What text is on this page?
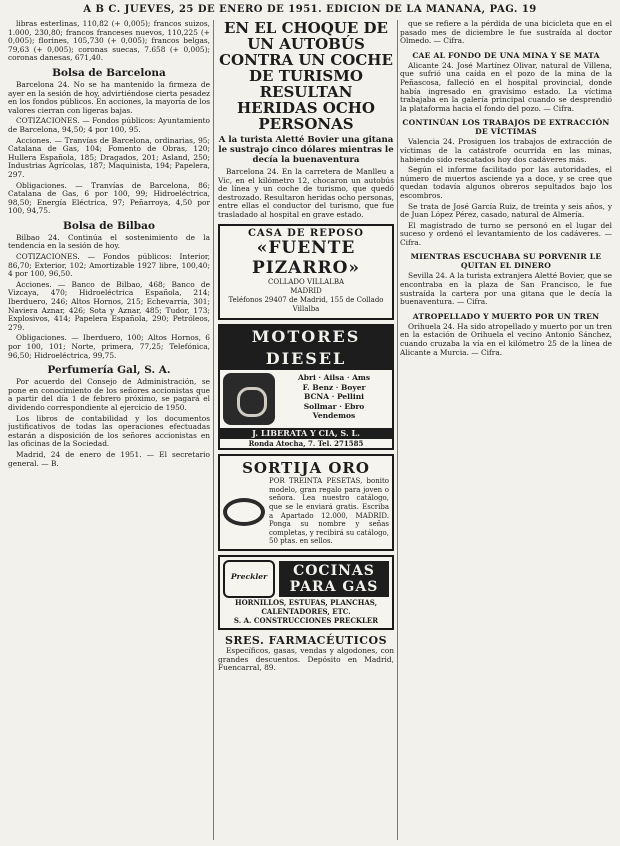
A B C. JUEVES, 25 DE ENERO DE 1951. EDICION DE LA MAÑANA, PAG. 19

libras esterlinas, 110,82 (+ 0,005); francos suizos, 1.000, 230,80; francos franceses nuevos, 110,225 (+ 0,005); florines, 105,730 (+ 0,005); francos belgas, 79,63 (+ 0,005); coronas suecas, 7.658 (+ 0,005); coronas danesas, 671,40.

Bolsa de Barcelona

Barcelona 24. No se ha mantenido la firmeza de ayer en la sesión de hoy, advirtiéndose cierta pesadez en los fondos públicos. En acciones, la mayoría de los valores cierran con ligeras bajas.

COTIZACIONES. — Fondos públicos: Ayuntamiento de Barcelona, 94,50; 4 por 100, 95.

Acciones. — Tranvías de Barcelona, ordinarias, 95; Catalana de Gas, 104; Fomento de Obras, 120; Hullera Española, 185; Dragados, 201; Asland, 250; Industrias Agrícolas, 187; Maquinista, 194; Papelera, 297.

Obligaciones. — Tranvías de Barcelona, 86; Catalana de Gas, 6 por 100, 99; Hidroeléctrica, 98,50; Energía Eléctrica, 97; Peñarroya, 4,50 por 100, 94,75.

Bolsa de Bilbao

Bilbao 24. Continúa el sostenimiento de la tendencia en la sesión de hoy.

COTIZACIONES. — Fondos públicos: Interior, 86,70; Exterior, 102; Amortizable 1927 libre, 100,40; 4 por 100, 96,50.

Acciones. — Banco de Bilbao, 468; Banco de Vizcaya, 470; Hidroeléctrica Española, 214; Iberduero, 246; Altos Hornos, 215; Echevarría, 301; Naviera Aznar, 426; Sota y Aznar, 485; Tudor, 173; Explosivos, 414; Papelera Española, 290; Petróleos, 279.

Obligaciones. — Iberduero, 100; Altos Hornos, 6 por 100, 101; Norte, primera, 77,25; Telefónica, 96,50; Hidroeléctrica, 99,75.

Perfumería Gal, S. A.

Por acuerdo del Consejo de Administración, se pone en conocimiento de los señores accionistas que a partir del día 1 de febrero próximo, se pagará el dividendo correspondiente al ejercicio de 1950.

Los libros de contabilidad y los documentos justificativos de todas las operaciones efectuadas estarán a disposición de los señores accionistas en las oficinas de la Sociedad.

Madrid, 24 de enero de 1951. — El secretario general. — B.

EN EL CHOQUE DE UN AUTOBÚS CONTRA UN COCHE DE TURISMO RESULTAN HERIDAS OCHO PERSONAS
A la turista Aletté Bovier una gitana le sustrajo cinco dólares mientras le decía la buenaventura

Barcelona 24. En la carretera de Manlleu a Vic, en el kilómetro 12, chocaron un autobús de línea y un coche de turismo, que quedó destrozado. Resultaron heridas ocho personas, entre ellas el conductor del turismo, que fue trasladado al hospital en grave estado.

CASA DE REPOSO
«FUENTE PIZARRO»
COLLADO VILLALBA
MADRID
Teléfonos 29407 de Madrid, 155 de Collado Villalba
MOTORES DIESEL
Abri · Ailsa · Ams
F. Benz · Boyer
BCNA · Pellini
Sollmar · Ebro
Vendemos
J. LIBERATA Y CIA, S. L.
Ronda Atocha, 7. Tel. 271585
SORTIJA ORO
POR TREINTA PESETAS, bonito modelo, gran regalo para joven o señora. Lea nuestro catálogo, que se le enviará gratis. Escriba a Apartado 12.000, MADRID. Ponga su nombre y señas completas, y recibirá su catálogo, 50 ptas. en sellos.
Preckler	COCINAS PARA GAS
HORNILLOS, ESTUFAS, PLANCHAS, CALENTADORES, ETC.
S. A. CONSTRUCCIONES PRECKLER
SRES. FARMACÉUTICOS

Específicos, gasas, vendas y algodones, con grandes descuentos. Depósito en Madrid, Fuencarral, 89.

que se refiere a la pérdida de una bicicleta que en el pasado mes de diciembre le fue sustraída al doctor Olmedo. — Cifra.

CAE AL FONDO DE UNA MINA Y SE MATA

Alicante 24. José Martínez Olivar, natural de Villena, que sufrió una caída en el pozo de la mina de la Peñascosa, falleció en el hospital provincial, donde había ingresado en gravísimo estado. La víctima trabajaba en la galería principal cuando se desprendió la plataforma hacia el fondo del pozo. — Cifra.

CONTINÚAN LOS TRABAJOS DE EXTRACCIÓN DE VÍCTIMAS

Valencia 24. Prosiguen los trabajos de extracción de víctimas de la catástrofe ocurrida en las minas, habiendo sido rescatados hoy dos cadáveres más.

Según el informe facilitado por las autoridades, el número de muertos asciende ya a doce, y se cree que quedan todavía algunos obreros sepultados bajo los escombros.

Se trata de José García Ruiz, de treinta y seis años, y de Juan López Pérez, casado, natural de Almería.

El magistrado de turno se personó en el lugar del suceso y ordenó el levantamiento de los cadáveres. — Cifra.

MIENTRAS ESCUCHABA SU PORVENIR LE QUITAN EL DINERO

Sevilla 24. A la turista extranjera Aletté Bovier, que se encontraba en la plaza de San Francisco, le fue sustraída la cartera por una gitana que le decía la buenaventura. — Cifra.

ATROPELLADO Y MUERTO POR UN TREN

Orihuela 24. Ha sido atropellado y muerto por un tren en la estación de Orihuela el vecino Antonio Sánchez, cuando cruzaba la vía en el kilómetro 25 de la línea de Alicante a Murcia. — Cifra.
